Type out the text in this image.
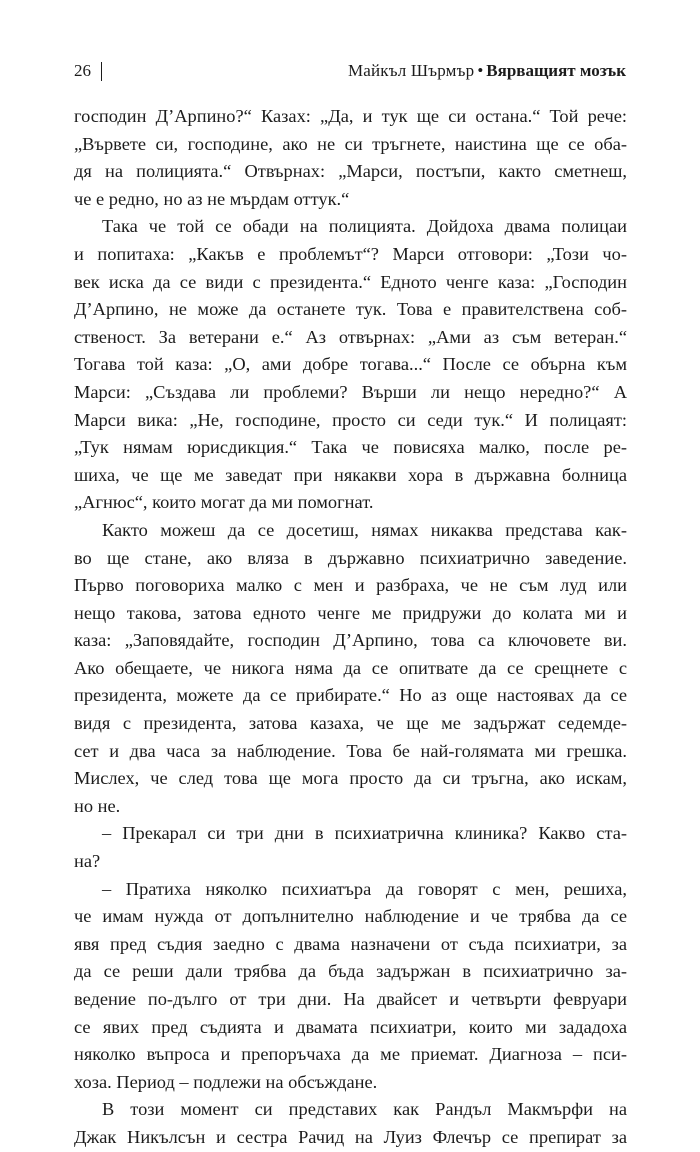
26	Майкъл Шърмър • Вярващият мозък
господин Д’Арпино?“ Казах: „Да, и тук ще си остана.“ Той рече:
„Вървете си, господине, ако не си тръгнете, наистина ще се оба-
дя на полицията.“ Отвърнах: „Марси, постъпи, както сметнеш,
че е редно, но аз не мърдам оттук.“
Така че той се обади на полицията. Дойдоха двама полицаи
и попитаха: „Какъв е проблемът“? Марси отговори: „Този чо-
век иска да се види с президента.“ Едното ченге каза: „Господин
Д’Арпино, не може да останете тук. Това е правителствена соб-
ственост. За ветерани е.“ Аз отвърнах: „Ами аз съм ветеран.“
Тогава той каза: „О, ами добре тогава...“ После се обърна към
Марси: „Създава ли проблеми? Върши ли нещо нередно?“ А
Марси вика: „Не, господине, просто си седи тук.“ И полицаят:
„Тук нямам юрисдикция.“ Така че повисяха малко, после ре-
шиха, че ще ме заведат при някакви хора в държавна болница
„Агнюс“, които могат да ми помогнат.
Както можеш да се досетиш, нямах никаква представа как-
во ще стане, ако вляза в държавно психиатрично заведение.
Първо поговориха малко с мен и разбраха, че не съм луд или
нещо такова, затова едното ченге ме придружи до колата ми и
каза: „Заповядайте, господин Д’Арпино, това са ключовете ви.
Ако обещаете, че никога няма да се опитвате да се срещнете с
президента, можете да се прибирате.“ Но аз още настоявах да се
видя с президента, затова казаха, че ще ме задържат седемде-
сет и два часа за наблюдение. Това бе най-голямата ми грешка.
Мислех, че след това ще мога просто да си тръгна, ако искам,
но не.
– Прекарал си три дни в психиатрична клиника? Какво ста-
на?
– Пратиха няколко психиатъра да говорят с мен, решиха,
че имам нужда от допълнително наблюдение и че трябва да се
явя пред съдия заедно с двама назначени от съда психиатри, за
да се реши дали трябва да бъда задържан в психиатрично за-
ведение по-дълго от три дни. На двайсет и четвърти февруари
се явих пред съдията и двамата психиатри, които ми зададоха
няколко въпроса и препоръчаха да ме приемат. Диагноза – пси-
хоза. Период – подлежи на обсъждане.
В този момент си представих как Рандъл Макмърфи на
Джак Никълсън и сестра Рачид на Луиз Флечър се препират за
